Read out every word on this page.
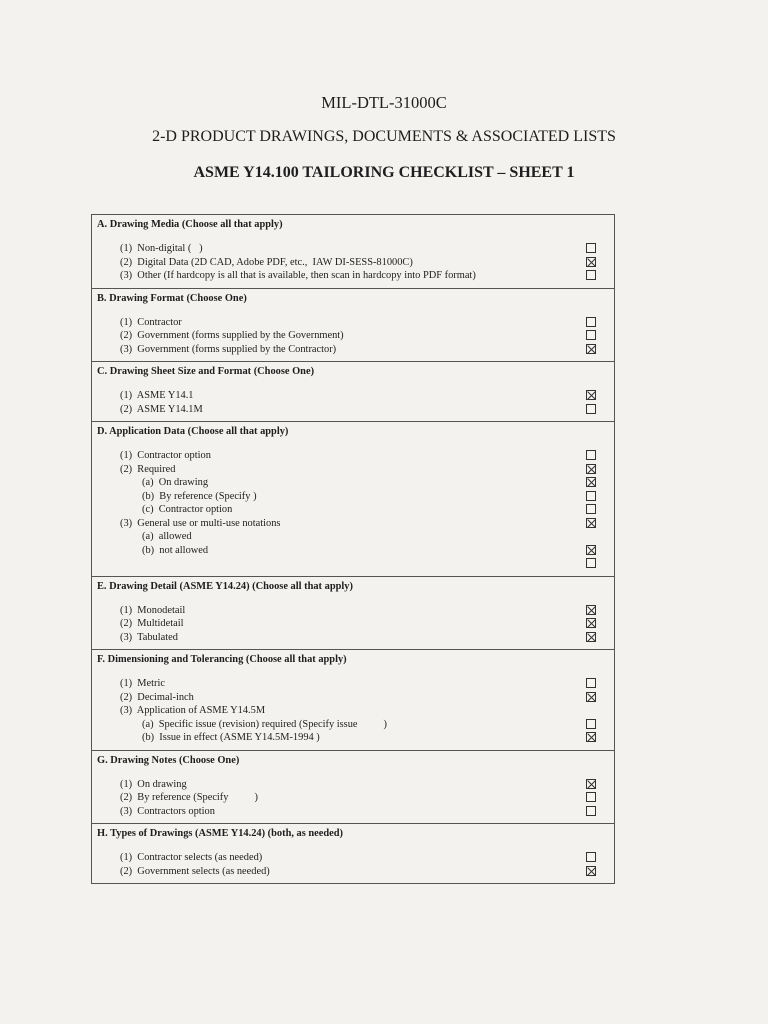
MIL-DTL-31000C
2-D PRODUCT DRAWINGS, DOCUMENTS & ASSOCIATED LISTS
ASME Y14.100 TAILORING CHECKLIST – SHEET 1
A. Drawing Media (Choose all that apply)
(1)  Non-digital (   )
(2)  Digital Data (2D CAD, Adobe PDF, etc.,  IAW DI-SESS-81000C)
(3)  Other (If hardcopy is all that is available, then scan in hardcopy into PDF format)
B. Drawing Format (Choose One)
(1)  Contractor
(2)  Government (forms supplied by the Government)
(3)  Government (forms supplied by the Contractor)
C. Drawing Sheet Size and Format (Choose One)
(1)  ASME Y14.1
(2)  ASME Y14.1M
D. Application Data (Choose all that apply)
(1)  Contractor option
(2)  Required
(a)  On drawing
(b)  By reference (Specify )
(c)  Contractor option
(3)  General use or multi-use notations
(a)  allowed
(b)  not allowed
E. Drawing Detail (ASME Y14.24) (Choose all that apply)
(1)  Monodetail
(2)  Multidetail
(3)  Tabulated
F. Dimensioning and Tolerancing (Choose all that apply)
(1)  Metric
(2)  Decimal-inch
(3)  Application of ASME Y14.5M
(a)  Specific issue (revision) required (Specify issue          )
(b)  Issue in effect (ASME Y14.5M-1994 )
G. Drawing Notes (Choose One)
(1)  On drawing
(2)  By reference (Specify          )
(3)  Contractors option
H. Types of Drawings (ASME Y14.24) (both, as needed)
(1)  Contractor selects (as needed)
(2)  Government selects (as needed)
